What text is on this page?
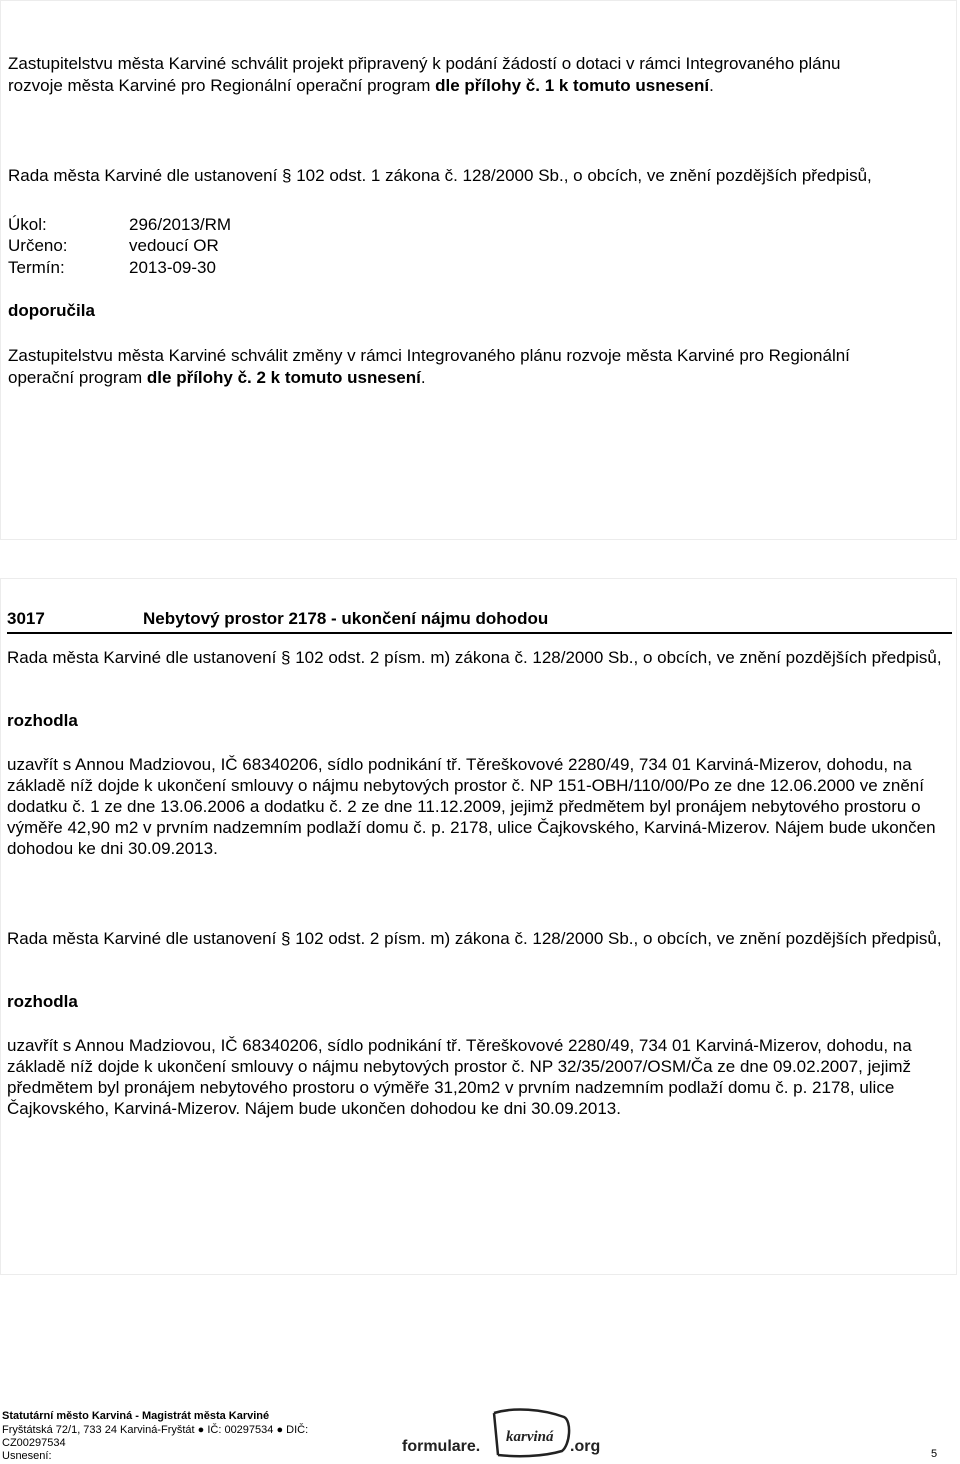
Zastupitelstvu města Karviné schválit projekt připravený k podání žádostí o dotaci v rámci Integrovaného plánu
rozvoje města Karviné pro Regionální operační program dle přílohy č. 1 k tomuto usnesení.
Rada města Karviné dle ustanovení § 102 odst. 1 zákona č. 128/2000 Sb., o obcích, ve znění pozdějších předpisů,
Úkol:	296/2013/RM
Určeno:	vedoucí OR
Termín:	2013-09-30
doporučila
Zastupitelstvu města Karviné schválit změny v rámci Integrovaného plánu rozvoje města Karviné pro Regionální
operační program dle přílohy č. 2 k tomuto usnesení.
3017	Nebytový prostor 2178 - ukončení nájmu dohodou
Rada města Karviné dle ustanovení § 102 odst. 2 písm. m) zákona č. 128/2000 Sb., o obcích, ve znění pozdějších předpisů,
rozhodla
uzavřít s Annou Madziovou, IČ 68340206, sídlo podnikání tř. Těreškovové 2280/49, 734 01 Karviná-Mizerov, dohodu, na základě níž dojde k ukončení smlouvy o nájmu nebytových prostor č. NP 151-OBH/110/00/Po ze dne 12.06.2000 ve znění dodatku č. 1 ze dne 13.06.2006 a dodatku č. 2 ze dne 11.12.2009, jejimž předmětem byl pronájem nebytového prostoru o výměře 42,90 m2 v prvním nadzemním podlaží domu č. p. 2178, ulice Čajkovského, Karviná-Mizerov. Nájem bude ukončen dohodou ke dni 30.09.2013.
Rada města Karviné dle ustanovení § 102 odst. 2 písm. m) zákona č. 128/2000 Sb., o obcích, ve znění pozdějších předpisů,
rozhodla
uzavřít s Annou Madziovou, IČ 68340206, sídlo podnikání tř. Těreškovové 2280/49, 734 01 Karviná-Mizerov, dohodu, na základě níž dojde k ukončení smlouvy o nájmu nebytových prostor č. NP 32/35/2007/OSM/Ča ze dne 09.02.2007, jejimž předmětem byl pronájem nebytového prostoru o výměře 31,20m2 v prvním nadzemním podlaží domu č. p. 2178, ulice Čajkovského, Karviná-Mizerov. Nájem bude ukončen dohodou ke dni 30.09.2013.
Statutární město Karviná - Magistrát města Karviné
Fryštátská 72/1, 733 24 Karviná-Fryštát ● IČ: 00297534 ● DIČ:
CZ00297534
Usnesení:
formulare.
karviná
.org	5
